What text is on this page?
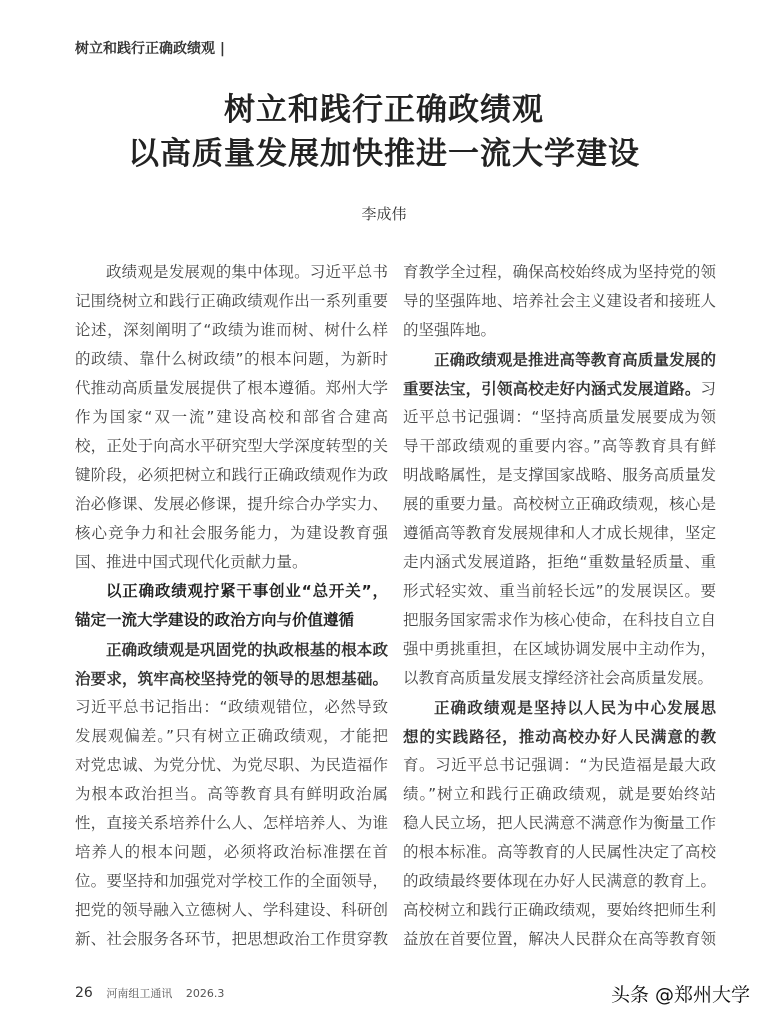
树立和践行正确政绩观 |
树立和践行正确政绩观
以高质量发展加快推进一流大学建设
李成伟
政绩观是发展观的集中体现。习近平总书
记围绕树立和践行正确政绩观作出一系列重要
论述，深刻阐明了“政绩为谁而树、树什么样
的政绩、靠什么树政绩”的根本问题，为新时
代推动高质量发展提供了根本遵循。郑州大学
作为国家“双一流”建设高校和部省合建高
校，正处于向高水平研究型大学深度转型的关
键阶段，必须把树立和践行正确政绩观作为政
治必修课、发展必修课，提升综合办学实力、
核心竞争力和社会服务能力，为建设教育强
国、推进中国式现代化贡献力量。
以正确政绩观拧紧干事创业“总开关”，
锚定一流大学建设的政治方向与价值遵循
正确政绩观是巩固党的执政根基的根本政
治要求，筑牢高校坚持党的领导的思想基础。
习近平总书记指出：“政绩观错位，必然导致
发展观偏差。”只有树立正确政绩观，才能把
对党忠诚、为党分忧、为党尽职、为民造福作
为根本政治担当。高等教育具有鲜明政治属
性，直接关系培养什么人、怎样培养人、为谁
培养人的根本问题，必须将政治标准摆在首
位。要坚持和加强党对学校工作的全面领导，
把党的领导融入立德树人、学科建设、科研创
新、社会服务各环节，把思想政治工作贯穿教
育教学全过程，确保高校始终成为坚持党的领
导的坚强阵地、培养社会主义建设者和接班人
的坚强阵地。
正确政绩观是推进高等教育高质量发展的
重要法宝，引领高校走好内涵式发展道路。习
近平总书记强调：“坚持高质量发展要成为领
导干部政绩观的重要内容。”高等教育具有鲜
明战略属性，是支撑国家战略、服务高质量发
展的重要力量。高校树立正确政绩观，核心是
遵循高等教育发展规律和人才成长规律，坚定
走内涵式发展道路，拒绝“重数量轻质量、重
形式轻实效、重当前轻长远”的发展误区。要
把服务国家需求作为核心使命，在科技自立自
强中勇挑重担，在区域协调发展中主动作为，
以教育高质量发展支撑经济社会高质量发展。
正确政绩观是坚持以人民为中心发展思
想的实践路径，推动高校办好人民满意的教
育。习近平总书记强调：“为民造福是最大政
绩。”树立和践行正确政绩观，就是要始终站
稳人民立场，把人民满意不满意作为衡量工作
的根本标准。高等教育的人民属性决定了高校
的政绩最终要体现在办好人民满意的教育上。
高校树立和践行正确政绩观，要始终把师生利
益放在首要位置，解决人民群众在高等教育领
26 河南组工通讯 2026.3	头条 @郑州大学
